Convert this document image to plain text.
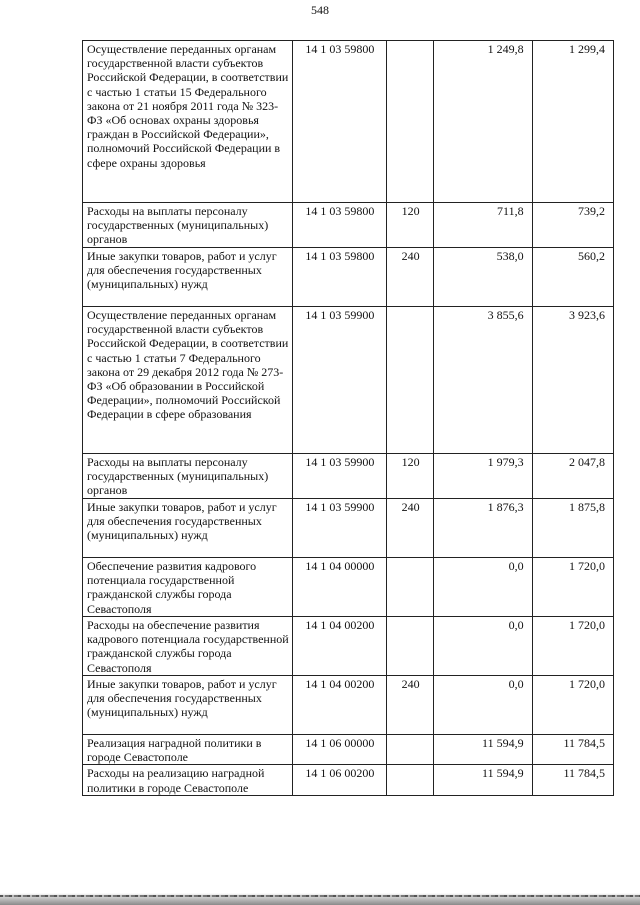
548
Осуществление переданных органам государственной власти субъектов Российской Федерации, в соответствии с частью 1 статьи 15 Федерального закона от 21 ноября 2011 года № 323-ФЗ «Об основах охраны здоровья граждан в Российской Федерации», полномочий Российской Федерации в сфере охраны здоровья	14 1 03 59800		1 249,8	1 299,4
Расходы на выплаты персоналу государственных (муниципальных) органов	14 1 03 59800	120	711,8	739,2
Иные закупки товаров, работ и услуг для обеспечения государственных (муниципальных) нужд	14 1 03 59800	240	538,0	560,2
Осуществление переданных органам государственной власти субъектов Российской Федерации, в соответствии с частью 1 статьи 7 Федерального закона от 29 декабря 2012 года № 273-ФЗ «Об образовании в Российской Федерации», полномочий Российской Федерации в сфере образования	14 1 03 59900		3 855,6	3 923,6
Расходы на выплаты персоналу государственных (муниципальных) органов	14 1 03 59900	120	1 979,3	2 047,8
Иные закупки товаров, работ и услуг для обеспечения государственных (муниципальных) нужд	14 1 03 59900	240	1 876,3	1 875,8
Обеспечение развития кадрового потенциала государственной гражданской службы города Севастополя	14 1 04 00000		0,0	1 720,0
Расходы на обеспечение развития кадрового потенциала государственной гражданской службы города Севастополя	14 1 04 00200		0,0	1 720,0
Иные закупки товаров, работ и услуг для обеспечения государственных (муниципальных) нужд	14 1 04 00200	240	0,0	1 720,0
Реализация наградной политики в городе Севастополе	14 1 06 00000		11 594,9	11 784,5
Расходы на реализацию наградной политики в городе Севастополе	14 1 06 00200		11 594,9	11 784,5
